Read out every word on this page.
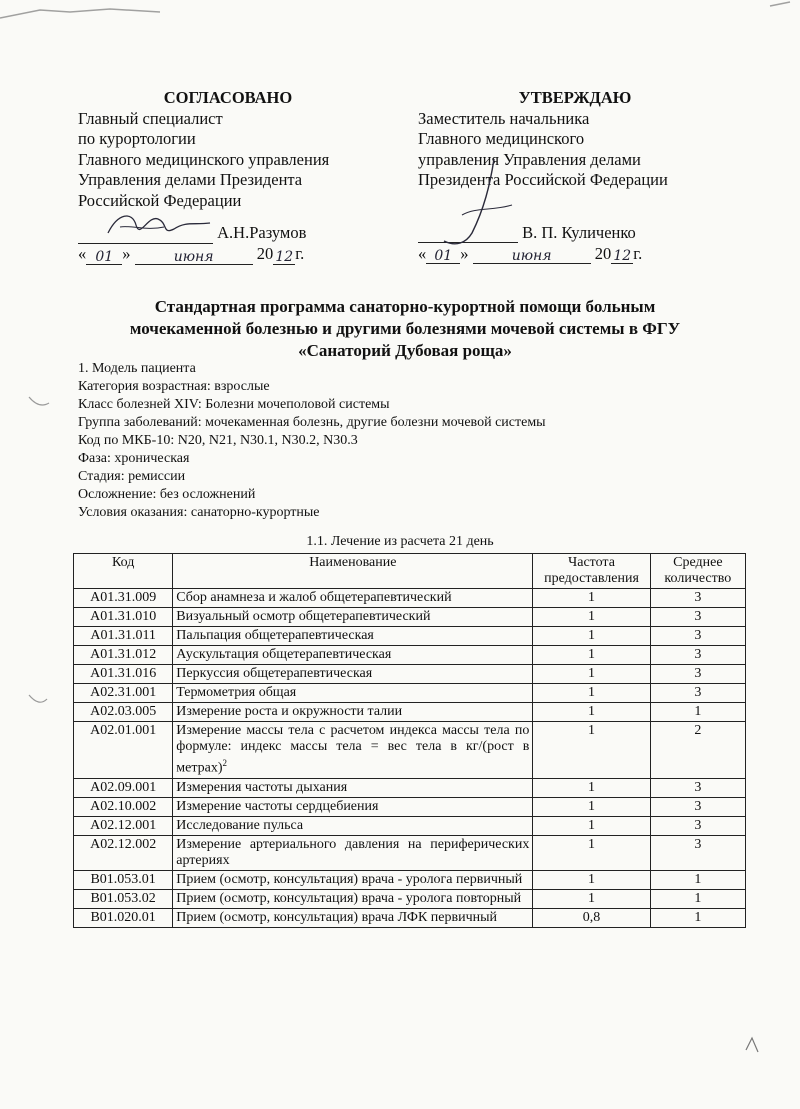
СОГЛАСОВАНО
Главный специалист
по курортологии
Главного медицинского управления
Управления делами Президента
Российской Федерации
А.Н.Разумов
« 01 »	июня	20 12 г.
УТВЕРЖДАЮ
Заместитель начальника
Главного медицинского
управления Управления делами
Президента Российской Федерации
В. П. Куличенко
« 01 »	июня	20 12 г.
Стандартная программа санаторно-курортной помощи больным
мочекаменной болезнью и другими болезнями мочевой системы в ФГУ
«Санаторий Дубовая роща»
1. Модель пациента
Категория возрастная: взрослые
Класс болезней XIV: Болезни мочеполовой системы
Группа заболеваний: мочекаменная болезнь, другие болезни мочевой системы
Код по МКБ-10: N20, N21, N30.1, N30.2, N30.3
Фаза: хроническая
Стадия: ремиссии
Осложнение: без осложнений
Условия оказания: санаторно-курортные
1.1. Лечение из расчета 21 день
Код	Наименование	Частота предоставления	Среднее количество
А01.31.009	Сбор анамнеза и жалоб общетерапевтический	1	3
А01.31.010	Визуальный осмотр общетерапевтический	1	3
А01.31.011	Пальпация общетерапевтическая	1	3
А01.31.012	Аускультация общетерапевтическая	1	3
А01.31.016	Перкуссия общетерапевтическая	1	3
А02.31.001	Термометрия общая	1	3
А02.03.005	Измерение роста и окружности талии	1	1
А02.01.001	Измерение массы тела с расчетом индекса массы тела по формуле: индекс массы тела = вес тела в кг/(рост в метрах)$^2$	1	2
А02.09.001	Измерения частоты дыхания	1	3
А02.10.002	Измерение частоты сердцебиения	1	3
А02.12.001	Исследование пульса	1	3
А02.12.002	Измерение артериального давления на периферических артериях	1	3
В01.053.01	Прием (осмотр, консультация) врача - уролога первичный	1	1
В01.053.02	Прием (осмотр, консультация) врача - уролога повторный	1	1
В01.020.01	Прием (осмотр, консультация) врача ЛФК первичный	0,8	1
